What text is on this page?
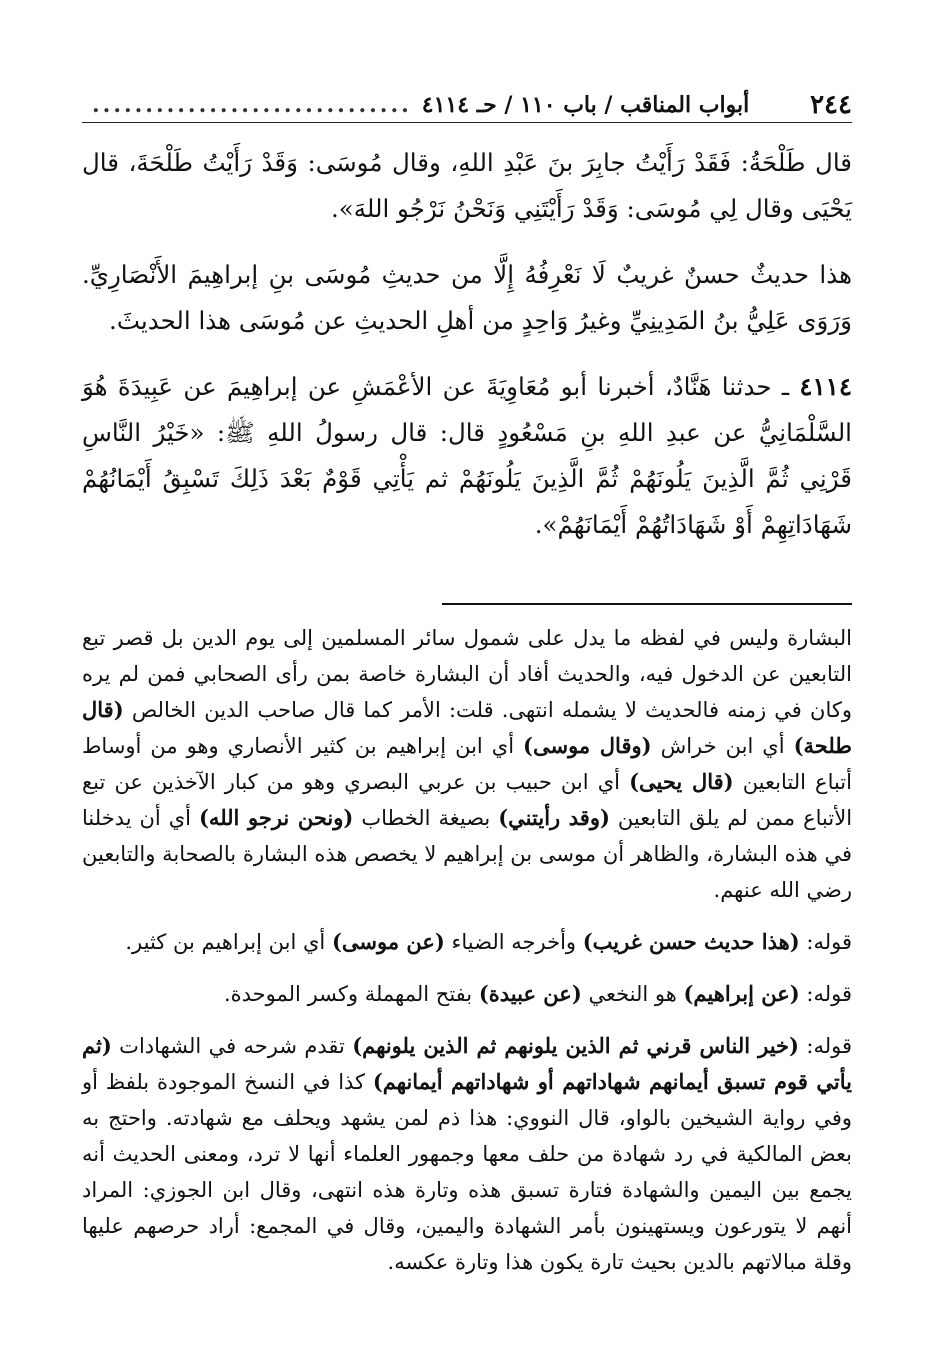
٢٤٤
أبواب المناقب / باب ١١٠ / حـ ٤١١٤
..............................

قال طَلْحَةُ: فَقَدْ رَأَيْتُ جابِرَ بنَ عَبْدِ اللهِ، وقال مُوسَى: وَقَدْ رَأَيْتُ طَلْحَةَ، قال يَحْيَى وقال لِي مُوسَى: وَقَدْ رَأَيْتَنِي وَنَحْنُ نَرْجُو اللهَ».

هذا حديثٌ حسنٌ غريبٌ لَا نَعْرِفُهُ إِلَّا من حديثِ مُوسَى بنِ إبراهِيمَ الأَنْصَارِيِّ. وَرَوَى عَلِيُّ بنُ المَدِينِيِّ وغيرُ وَاحِدٍ من أهلِ الحديثِ عن مُوسَى هذا الحديثَ.

٤١١٤ ـ حدثنا هَنَّادٌ، أخبرنا أبو مُعَاوِيَةَ عن الأعْمَشِ عن إبراهِيمَ عن عَبِيدَةَ هُوَ السَّلْمَانِيُّ عن عبدِ اللهِ بنِ مَسْعُودٍ قال: قال رسولُ اللهِ ﷺ: «خَيْرُ النَّاسِ قَرْنِي ثُمَّ الَّذِينَ يَلُونَهُمْ ثُمَّ الَّذِينَ يَلُونَهُمْ ثم يَأْتِي قَوْمٌ بَعْدَ ذَلِكَ تَسْبِقُ أَيْمَانُهُمْ شَهَادَاتِهِمْ أَوْ شَهَادَاتُهُمْ أَيْمَانَهُمْ».

البشارة وليس في لفظه ما يدل على شمول سائر المسلمين إلى يوم الدين بل قصر تبع التابعين عن الدخول فيه، والحديث أفاد أن البشارة خاصة بمن رأى الصحابي فمن لم يره وكان في زمنه فالحديث لا يشمله انتهى. قلت: الأمر كما قال صاحب الدين الخالص (قال طلحة) أي ابن خراش (وقال موسى) أي ابن إبراهيم بن كثير الأنصاري وهو من أوساط أتباع التابعين (قال يحيى) أي ابن حبيب بن عربي البصري وهو من كبار الآخذين عن تبع الأتباع ممن لم يلق التابعين (وقد رأيتني) بصيغة الخطاب (ونحن نرجو الله) أي أن يدخلنا في هذه البشارة، والظاهر أن موسى بن إبراهيم لا يخصص هذه البشارة بالصحابة والتابعين رضي الله عنهم.

قوله: (هذا حديث حسن غريب) وأخرجه الضياء (عن موسى) أي ابن إبراهيم بن كثير.

قوله: (عن إبراهيم) هو النخعي (عن عبيدة) بفتح المهملة وكسر الموحدة.

قوله: (خير الناس قرني ثم الذين يلونهم ثم الذين يلونهم) تقدم شرحه في الشهادات (ثم يأتي قوم تسبق أيمانهم شهاداتهم أو شهاداتهم أيمانهم) كذا في النسخ الموجودة بلفظ أو وفي رواية الشيخين بالواو، قال النووي: هذا ذم لمن يشهد ويحلف مع شهادته. واحتج به بعض المالكية في رد شهادة من حلف معها وجمهور العلماء أنها لا ترد، ومعنى الحديث أنه يجمع بين اليمين والشهادة فتارة تسبق هذه وتارة هذه انتهى، وقال ابن الجوزي: المراد أنهم لا يتورعون ويستهينون بأمر الشهادة واليمين، وقال في المجمع: أراد حرصهم عليها وقلة مبالاتهم بالدين بحيث تارة يكون هذا وتارة عكسه.
